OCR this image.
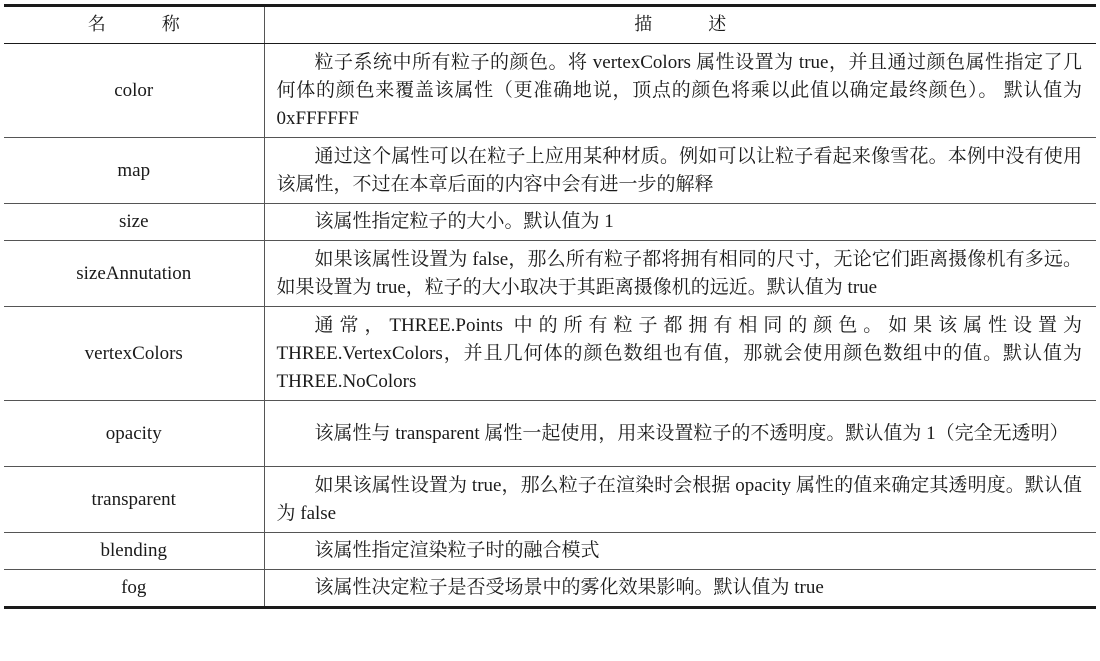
名称	描述
color	粒子系统中所有粒子的颜色。将 vertexColors 属性设置为 true，并且通过颜色属性指定了几何体的颜色来覆盖该属性（更准确地说，顶点的颜色将乘以此值以确定最终颜色）。 默认值为 0xFFFFFF
map	通过这个属性可以在粒子上应用某种材质。例如可以让粒子看起来像雪花。本例中没有使用该属性，不过在本章后面的内容中会有进一步的解释
size	该属性指定粒子的大小。默认值为 1
sizeAnnutation	如果该属性设置为 false，那么所有粒子都将拥有相同的尺寸，无论它们距离摄像机有多远。如果设置为 true，粒子的大小取决于其距离摄像机的远近。默认值为 true
vertexColors	通常，THREE.Points 中的所有粒子都拥有相同的颜色。如果该属性设置为 THREE.VertexColors，并且几何体的颜色数组也有值，那就会使用颜色数组中的值。默认值为 THREE.NoColors
opacity	该属性与 transparent 属性一起使用，用来设置粒子的不透明度。默认值为 1（完全无透明）
transparent	如果该属性设置为 true，那么粒子在渲染时会根据 opacity 属性的值来确定其透明度。默认值为 false
blending	该属性指定渲染粒子时的融合模式
fog	该属性决定粒子是否受场景中的雾化效果影响。默认值为 true
